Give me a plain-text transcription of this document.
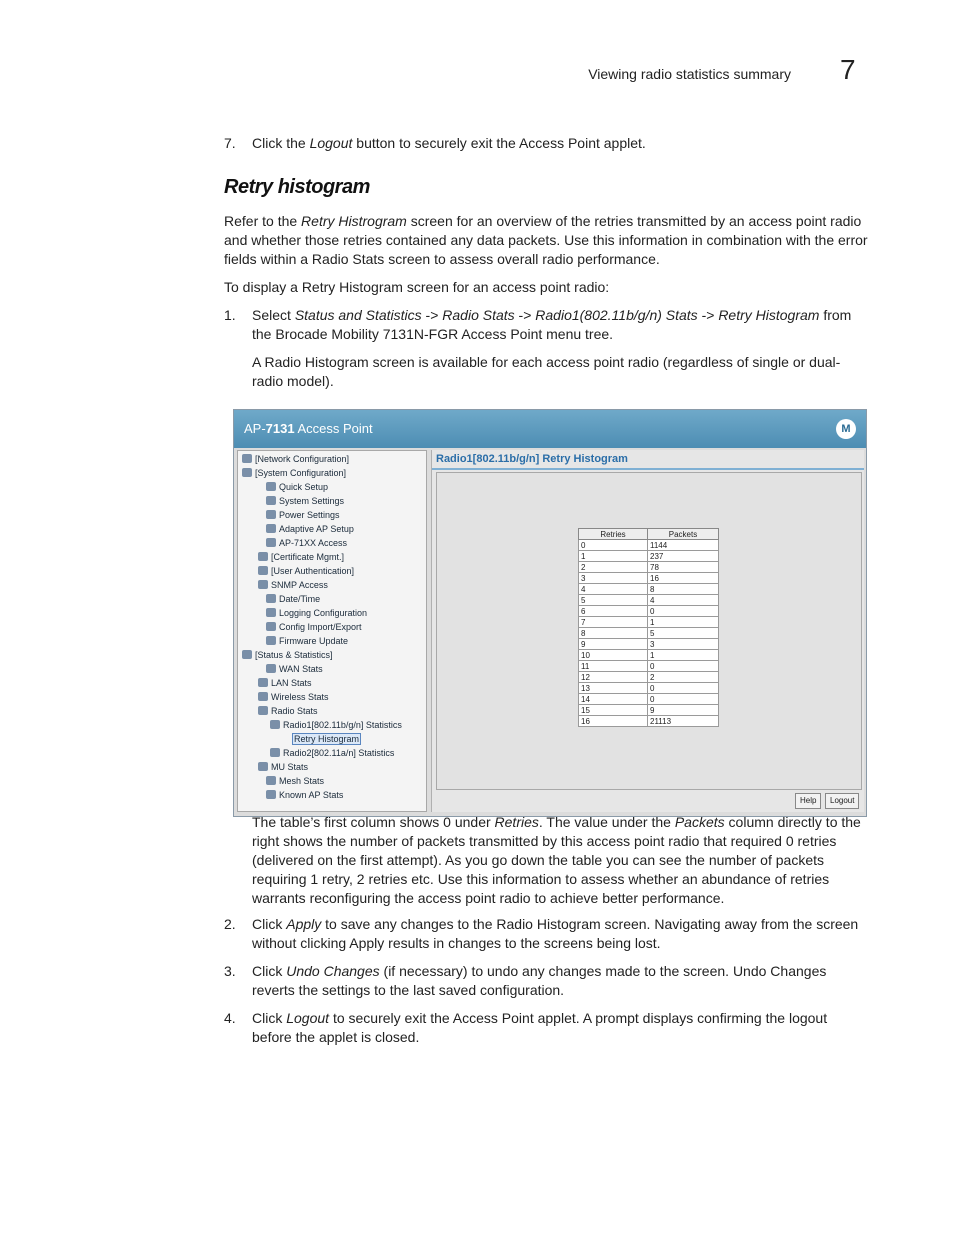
Viewing radio statistics summary 7
7. Click the Logout button to securely exit the Access Point applet.

Retry histogram

Refer to the Retry Histrogram screen for an overview of the retries transmitted by an access point radio and whether those retries contained any data packets. Use this information in combination with the error fields within a Radio Stats screen to assess overall radio performance.

To display a Retry Histogram screen for an access point radio:

1. Select Status and Statistics -> Radio Stats -> Radio1(802.11b/g/n) Stats -> Retry Histogram from the Brocade Mobility 7131N-FGR Access Point menu tree.

A Radio Histogram screen is available for each access point radio (regardless of single or dual-radio model).

AP-7131 Access Point	M
[Network Configuration]
[System Configuration]
Quick Setup
System Settings
Power Settings
Adaptive AP Setup
AP-71XX Access
[Certificate Mgmt.]
[User Authentication]
SNMP Access
Date/Time
Logging Configuration
Config Import/Export
Firmware Update
[Status & Statistics]
WAN Stats
LAN Stats
Wireless Stats
Radio Stats
Radio1[802.11b/g/n] Statistics
Retry Histogram
Radio2[802.11a/n] Statistics
MU Stats
Mesh Stats
Known AP Stats
Radio1[802.11b/g/n] Retry Histogram
Retries	Packets
0	1144
1	237
2	78
3	16
4	8
5	4
6	0
7	1
8	5
9	3
10	1
11	0
12	2
13	0
14	0
15	9
16	21113
Help	Logout

The table’s first column shows 0 under Retries. The value under the Packets column directly to the right shows the number of packets transmitted by this access point radio that required 0 retries (delivered on the first attempt). As you go down the table you can see the number of packets requiring 1 retry, 2 retries etc. Use this information to assess whether an abundance of retries warrants reconfiguring the access point radio to achieve better performance.

2. Click Apply to save any changes to the Radio Histogram screen. Navigating away from the screen without clicking Apply results in changes to the screens being lost.

3. Click Undo Changes (if necessary) to undo any changes made to the screen. Undo Changes reverts the settings to the last saved configuration.

4. Click Logout to securely exit the Access Point applet. A prompt displays confirming the logout before the applet is closed.
